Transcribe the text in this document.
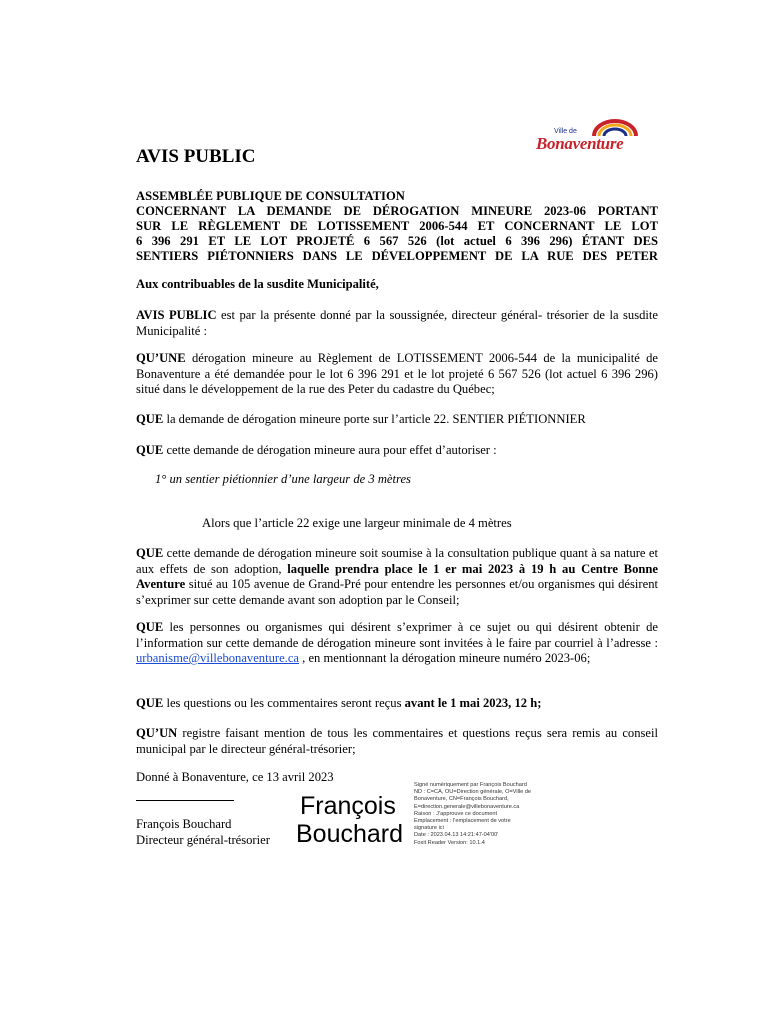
Ville de
Bonaventure
AVIS PUBLIC
ASSEMBLÉE PUBLIQUE DE CONSULTATION
CONCERNANT LA DEMANDE DE DÉROGATION MINEURE 2023-06 PORTANT
SUR LE RÈGLEMENT DE LOTISSEMENT 2006-544 ET CONCERNANT LE LOT
6 396 291 ET LE LOT PROJETÉ 6 567 526 (lot actuel 6 396 296) ÉTANT DES
SENTIERS PIÉTONNIERS DANS LE DÉVELOPPEMENT DE LA RUE DES PETER

Aux contribuables de la susdite Municipalité,

AVIS PUBLIC est par la présente donné par la soussignée, directeur général- trésorier de la susdite Municipalité :

QU’UNE dérogation mineure au Règlement de LOTISSEMENT 2006-544 de la municipalité de Bonaventure a été demandée pour le lot 6 396 291 et le lot projeté 6 567 526 (lot actuel 6 396 296) situé dans le développement de la rue des Peter du cadastre du Québec;

QUE la demande de dérogation mineure porte sur l’article 22. SENTIER PIÉTIONNIER

QUE cette demande de dérogation mineure aura pour effet d’autoriser :

1° un sentier piétionnier d’une largeur de 3 mètres

Alors que l’article 22 exige une largeur minimale de 4 mètres

QUE cette demande de dérogation mineure soit soumise à la consultation publique quant à sa nature et aux effets de son adoption, laquelle prendra place le 1 er mai 2023 à 19 h au Centre Bonne Aventure situé au 105 avenue de Grand-Pré pour entendre les personnes et/ou organismes qui désirent s’exprimer sur cette demande avant son adoption par le Conseil;

QUE les personnes ou organismes qui désirent s’exprimer à ce sujet ou qui désirent obtenir de l’information sur cette demande de dérogation mineure sont invitées à le faire par courriel à l’adresse : urbanisme@villebonaventure.ca , en mentionnant la dérogation mineure numéro 2023-06;

QUE les questions ou les commentaires seront reçus avant le 1 mai 2023, 12 h;

QU’UN registre faisant mention de tous les commentaires et questions reçus sera remis au conseil municipal par le directeur général-trésorier;

Donné à Bonaventure, ce 13 avril 2023

François Bouchard
Directeur général-trésorier
François
Bouchard
Signé numériquement par François Bouchard
ND : C=CA, OU=Direction générale, O=Ville de
Bonaventure, CN=François Bouchard,
E=direction.generale@villebonaventure.ca
Raison : J’approuve ce document
Emplacement : l’emplacement de votre
signature ici
Date : 2023.04.13 14:21:47-04'00'
Foxit Reader Version: 10.1.4
